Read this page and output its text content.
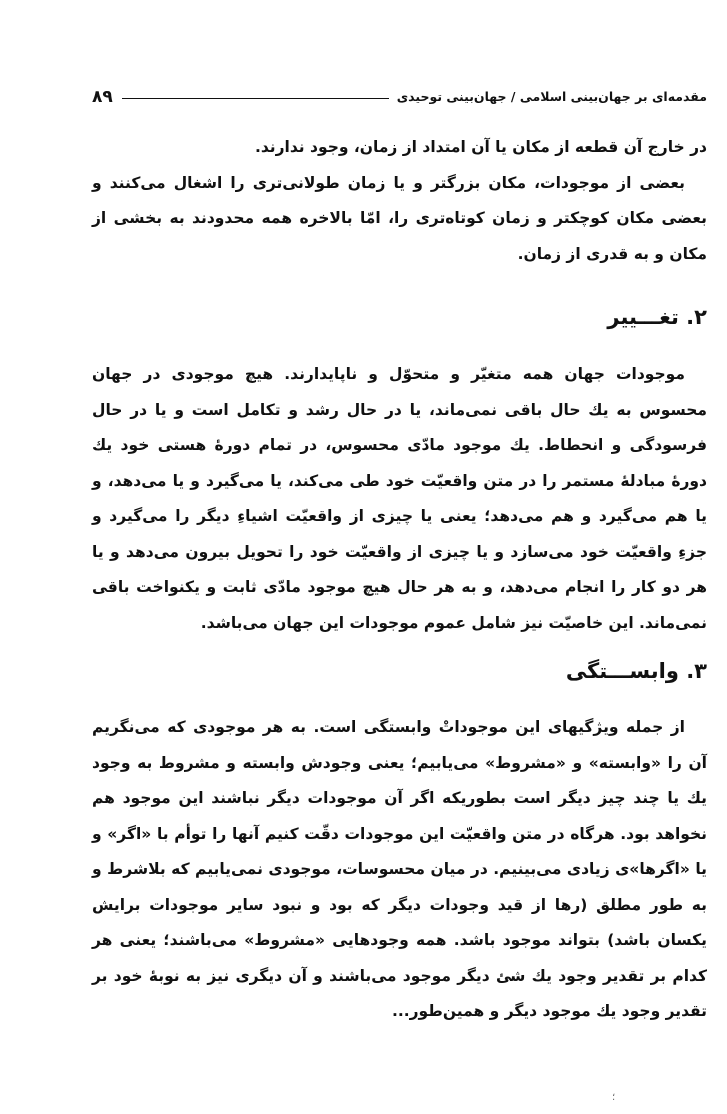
۸۹	مقدمه‌ای بر جهان‌بینی اسلامی / جهان‌بینی توحیدی

در خارج آن قطعه از مکان یا آن امتداد از زمان، وجود ندارند.

بعضی از موجودات، مکان بزرگتر و یا زمان طولانی‌تری را اشغال می‌کنند و بعضی مکان کوچکتر و زمان کوتاه‌تری را، امّا بالاخره همه محدودند به بخشی از مکان و به قدری از زمان.

۲. تغـــییر

موجودات جهان همه متغیّر و متحوّل و ناپایدارند. هیچ موجودی در جهان محسوس به یك حال باقی نمی‌ماند، یا در حال رشد و تکامل است و یا در حال فرسودگی و انحطاط. یك موجود مادّی محسوس، در تمام دورهٔ هستی خود یك دورهٔ مبادلهٔ مستمر را در متن واقعیّت خود طی می‌کند، یا می‌گیرد و یا می‌دهد، و یا هم می‌گیرد و هم می‌دهد؛ یعنی یا چیزی از واقعیّت اشیاءِ دیگر را می‌گیرد و جزءِ واقعیّت خود می‌سازد و یا چیزی از واقعیّت خود را تحویل بیرون می‌دهد و یا هر دو کار را انجام می‌دهد، و به هر حال هیچ موجود مادّی ثابت و یکنواخت باقی نمی‌ماند. این خاصیّت نیز شامل عموم موجودات این جهان می‌باشد.

۳. وابســـتگی

از جمله ویژگیهای این موجوداتْ وابستگی است. به هر موجودی که می‌نگریم آن را «وابسته» و «مشروط» می‌یابیم؛ یعنی وجودش وابسته و مشروط به وجود یك یا چند چیز دیگر است بطوریکه اگر آن موجودات دیگر نباشند این موجود هم نخواهد بود. هرگاه در متن واقعیّت این موجودات دقّت کنیم آنها را توأم با «اگر» و یا «اگرها»ی زیادی می‌بینیم. در میان محسوسات، موجودی نمی‌یابیم که بلاشرط و به طور مطلق (رها از قید وجودات دیگر که بود و نبود سایر موجودات برایش یکسان باشد) بتواند موجود باشد. همه وجودهایی «مشروط» می‌باشند؛ یعنی هر کدام بر تقدیر وجود یك شئ دیگر موجود می‌باشند و آن دیگری نیز به نوبهٔ خود بر تقدیر وجود یك موجود دیگر و همین‌طور...

؛
